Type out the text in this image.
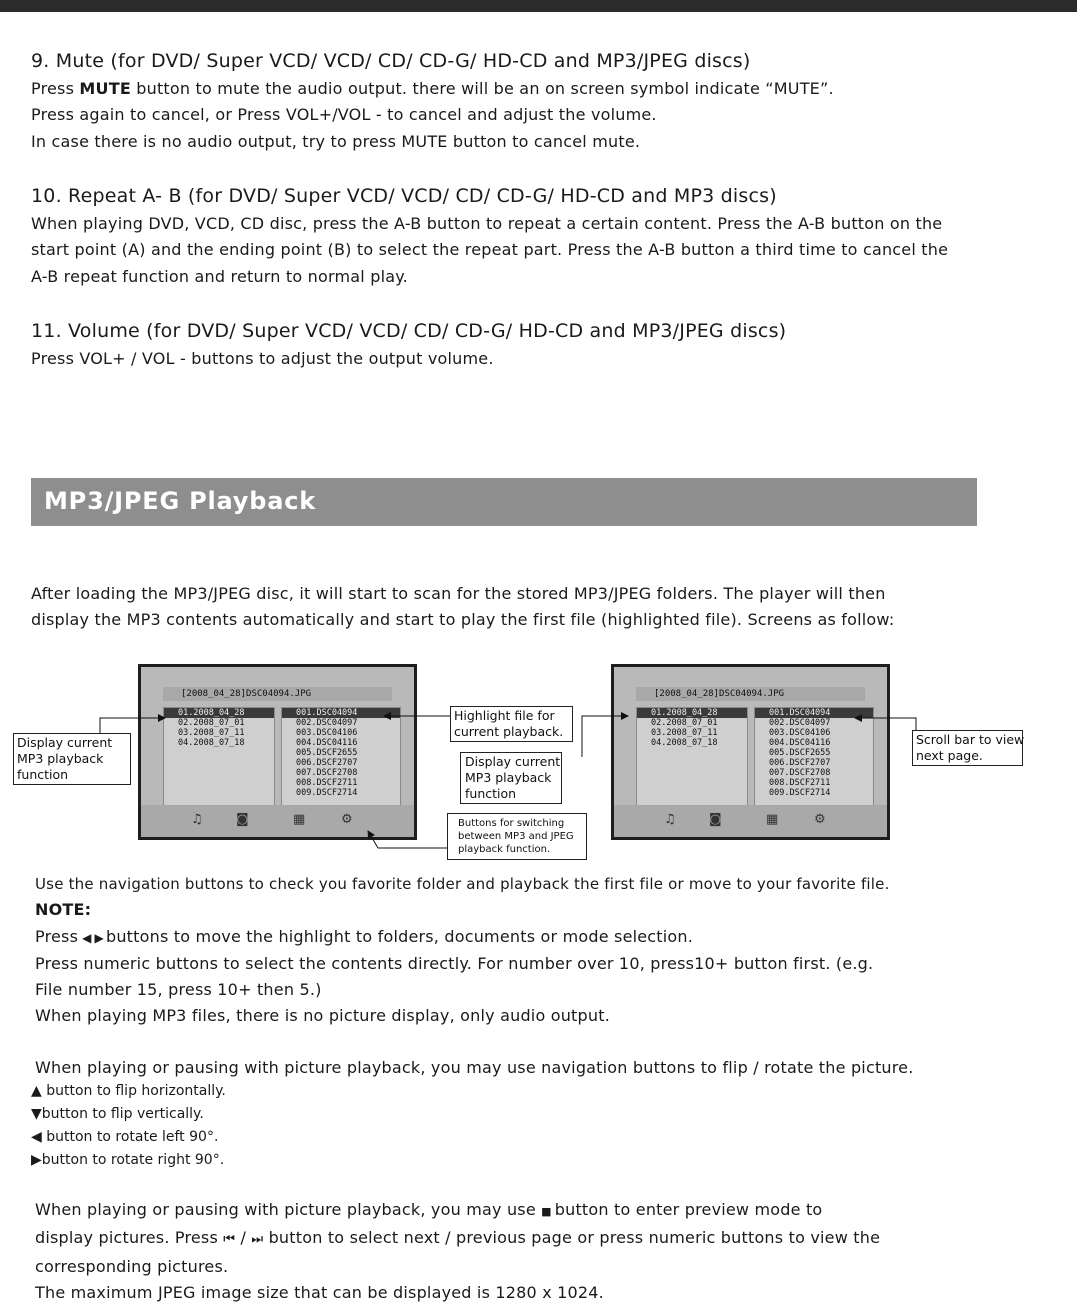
9. Mute (for DVD/ Super VCD/ VCD/ CD/ CD-G/ HD-CD and MP3/JPEG discs)
Press MUTE button to mute the audio output. there will be an on screen symbol indicate “MUTE”.
Press again to cancel, or Press VOL+/VOL - to cancel and adjust the volume.
In case there is no audio output, try to press MUTE button to cancel mute.
10. Repeat A- B (for DVD/ Super VCD/ VCD/ CD/ CD-G/ HD-CD and MP3 discs)
When playing DVD, VCD, CD disc, press the A-B button to repeat a certain content. Press the A-B button on the
start point (A) and the ending point (B) to select the repeat part. Press the A-B button a third time to cancel the
A-B repeat function and return to normal play.
11. Volume (for DVD/ Super VCD/ VCD/ CD/ CD-G/ HD-CD and MP3/JPEG discs)
Press VOL+ / VOL - buttons to adjust the output volume.
MP3/JPEG Playback
After loading the MP3/JPEG disc, it will start to scan for the stored MP3/JPEG folders. The player will then
display the MP3 contents automatically and start to play the first file (highlighted file). Screens as follow:
[2008_04_28]DSC04094.JPG
01.2008_04_28
02.2008_07_01
03.2008_07_11
04.2008_07_18
001.DSC04094
002.DSC04097
003.DSC04106
004.DSC04116
005.DSCF2655
006.DSCF2707
007.DSCF2708
008.DSCF2711
009.DSCF2714
♫	◙	▦	⚙
[2008_04_28]DSC04094.JPG
01.2008_04_28
02.2008_07_01
03.2008_07_11
04.2008_07_18
001.DSC04094
002.DSC04097
003.DSC04106
004.DSC04116
005.DSCF2655
006.DSCF2707
007.DSCF2708
008.DSCF2711
009.DSCF2714
♫	◙	▦	⚙
Display current
MP3 playback
function
Highlight file for
current playback.
Display current
MP3 playback
function
Buttons for switching
between MP3 and JPEG
playback function.
Scroll bar to view
next page.
Use the navigation buttons to check you favorite folder and playback the first file or move to your favorite file.
NOTE:
Press ◀ ▶ buttons to move the highlight to folders, documents or mode selection.
Press numeric buttons to select the contents directly. For number over 10, press10+ button first. (e.g.
File number 15, press 10+ then 5.)
When playing MP3 files, there is no picture display, only audio output.
When playing or pausing with picture playback, you may use navigation buttons to flip / rotate the picture.
▲ button to flip horizontally.
▼button to flip vertically.
◀ button to rotate left 90°.
▶button to rotate right 90°.
When playing or pausing with picture playback, you may use ■ button to enter preview mode to
display pictures. Press ⏮ / ⏭ button to select next / previous page or press numeric buttons to view the
corresponding pictures.
The maximum JPEG image size that can be displayed is 1280 x 1024.
